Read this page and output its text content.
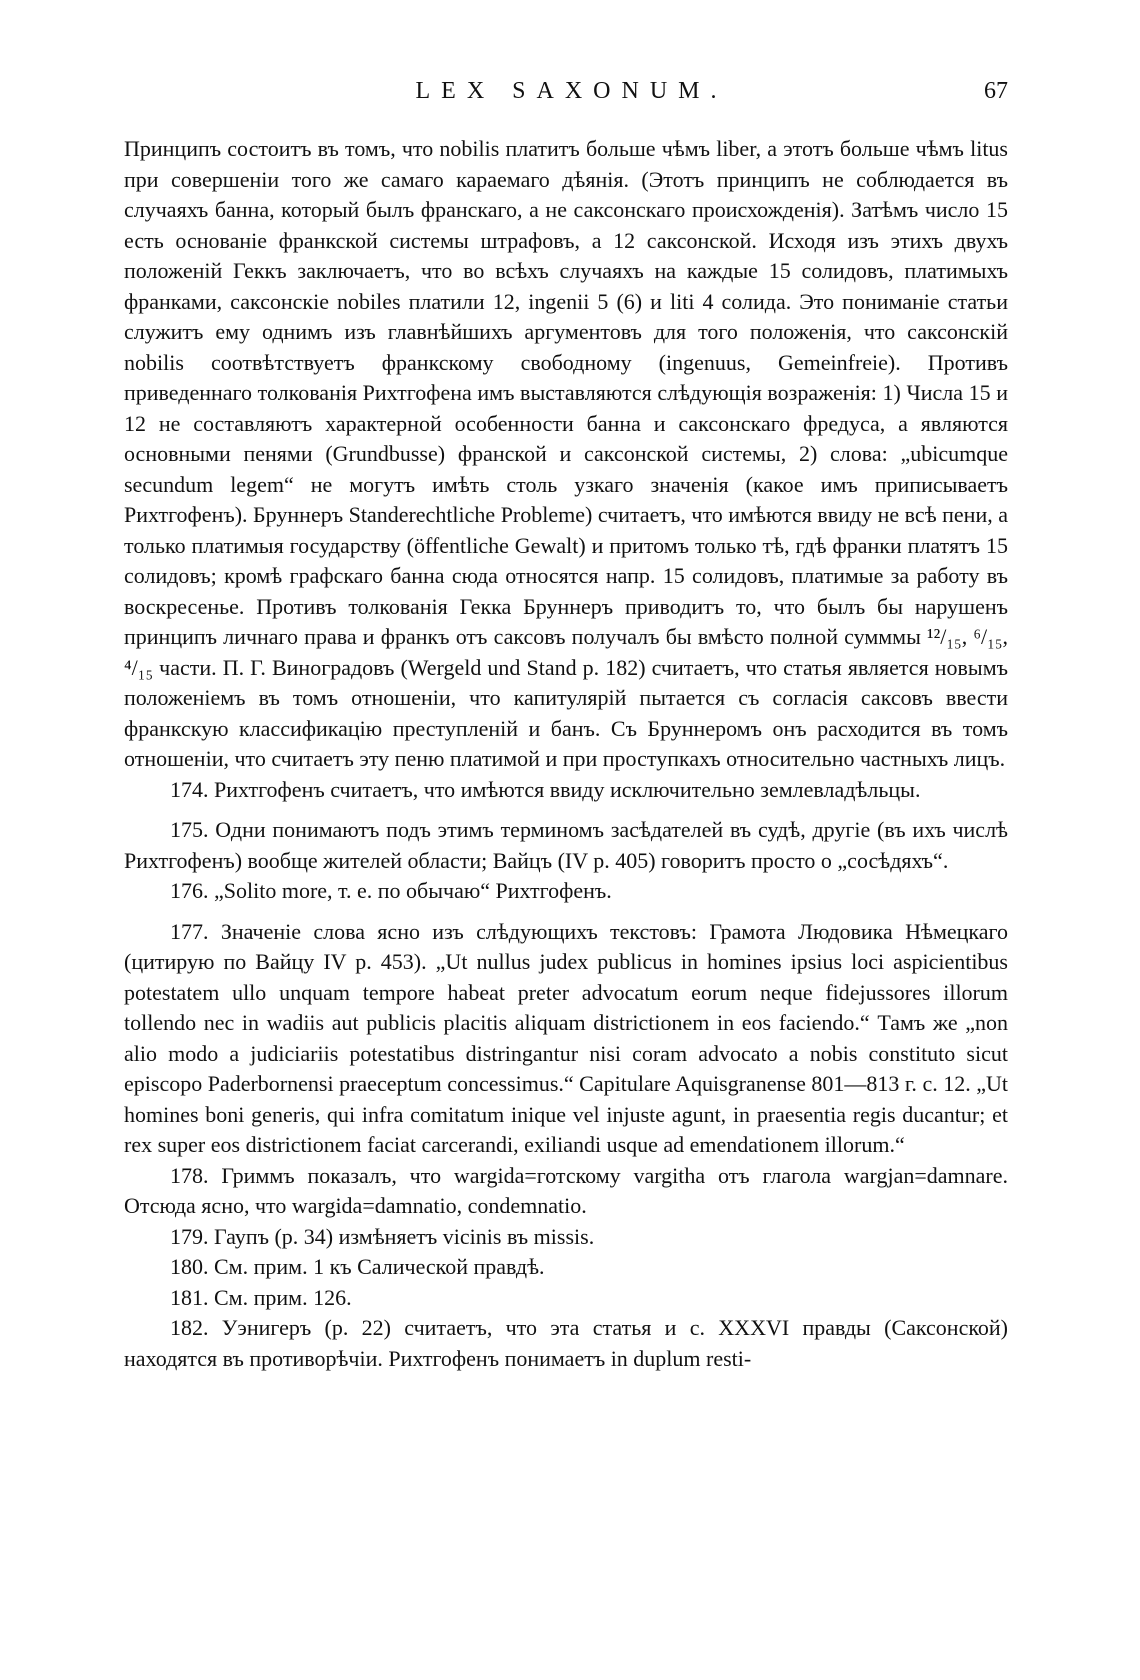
LEX SAXONUM.	67

Принципъ состоитъ въ томъ, что nobilis платитъ больше чѣмъ liber, а этотъ больше чѣмъ litus при совершеніи того же самаго караемаго дѣянія. (Этотъ принципъ не соблюдается въ случаяхъ банна, который былъ франскаго, а не саксонскаго происхожденія). Затѣмъ число 15 есть основаніе франкской системы штрафовъ, а 12 саксонской. Исходя изъ этихъ двухъ положеній Геккъ заключаетъ, что во всѣхъ случаяхъ на каждые 15 солидовъ, платимыхъ франками, саксонскіе nobiles платили 12, ingenii 5 (6) и liti 4 солида. Это пониманіе статьи служитъ ему однимъ изъ главнѣйшихъ аргументовъ для того положенія, что саксонскій nobilis соотвѣтствуетъ франкскому свободному (ingenuus, Gemeinfreie). Противъ приведеннаго толкованія Рихтгофена имъ выставляются слѣдующія возраженія: 1) Числа 15 и 12 не составляютъ характерной особенности банна и саксонскаго фредуса, а являются основными пенями (Grundbusse) франской и саксонской системы, 2) слова: „ubicumque secundum legem“ не могутъ имѣть столь узкаго значенія (какое имъ приписываетъ Рихтгофенъ). Бруннеръ Standerechtliche Probleme) считаетъ, что имѣются ввиду не всѣ пени, а только платимыя государству (öffentliche Gewalt) и притомъ только тѣ, гдѣ франки платятъ 15 солидовъ; кромѣ графскаго банна сюда относятся напр. 15 солидовъ, платимые за работу въ воскресенье. Противъ толкованія Гекка Бруннеръ приводитъ то, что былъ бы нарушенъ принципъ личнаго права и франкъ отъ саксовъ получалъ бы вмѣсто полной сумммы ¹²/₁₅, ⁶/₁₅, ⁴/₁₅ части. П. Г. Виноградовъ (Wergeld und Stand p. 182) считаетъ, что статья является новымъ положеніемъ въ томъ отношеніи, что капитулярій пытается съ согласія саксовъ ввести франкскую классификацію преступленій и банъ. Съ Бруннеромъ онъ расходится въ томъ отношеніи, что считаетъ эту пеню платимой и при проступкахъ относительно частныхъ лицъ.

174. Рихтгофенъ считаетъ, что имѣются ввиду исключительно землевладѣльцы.

175. Одни понимаютъ подъ этимъ терминомъ засѣдателей въ судѣ, другіе (въ ихъ числѣ Рихтгофенъ) вообще жителей области; Вайцъ (IV p. 405) говоритъ просто о „сосѣдяхъ“.

176. „Solito more, т. е. по обычаю“ Рихтгофенъ.

177. Значеніе слова ясно изъ слѣдующихъ текстовъ: Грамота Людовика Нѣмецкаго (цитирую по Вайцу IV p. 453). „Ut nullus judex publicus in homines ipsius loci aspicientibus potestatem ullo unquam tempore habeat preter advocatum eorum neque fidejussores illorum tollendo nec in wadiis aut publicis placitis aliquam districtionem in eos faciendo.“ Тамъ же „non alio modo a judiciariis potestatibus distringantur nisi coram advocato a nobis constituto sicut episcopo Paderbornensi praeceptum concessimus.“ Capitulare Aquisgranense 801—813 г. с. 12. „Ut homines boni generis, qui infra comitatum inique vel injuste agunt, in praesentia regis ducantur; et rex super eos districtionem faciat carcerandi, exiliandi usque ad emendationem illorum.“

178. Гриммъ показалъ, что wargida=готскому vargitha отъ глагола wargjan=damnare. Отсюда ясно, что wargida=damnatio, condemnatio.

179. Гаупъ (p. 34) измѣняетъ vicinis въ missis.

180. См. прим. 1 къ Салической правдѣ.

181. См. прим. 126.

182. Уэнигеръ (p. 22) считаетъ, что эта статья и с. XXXVI правды (Саксонской) находятся въ противорѣчіи. Рихтгофенъ понимаетъ in duplum resti-
